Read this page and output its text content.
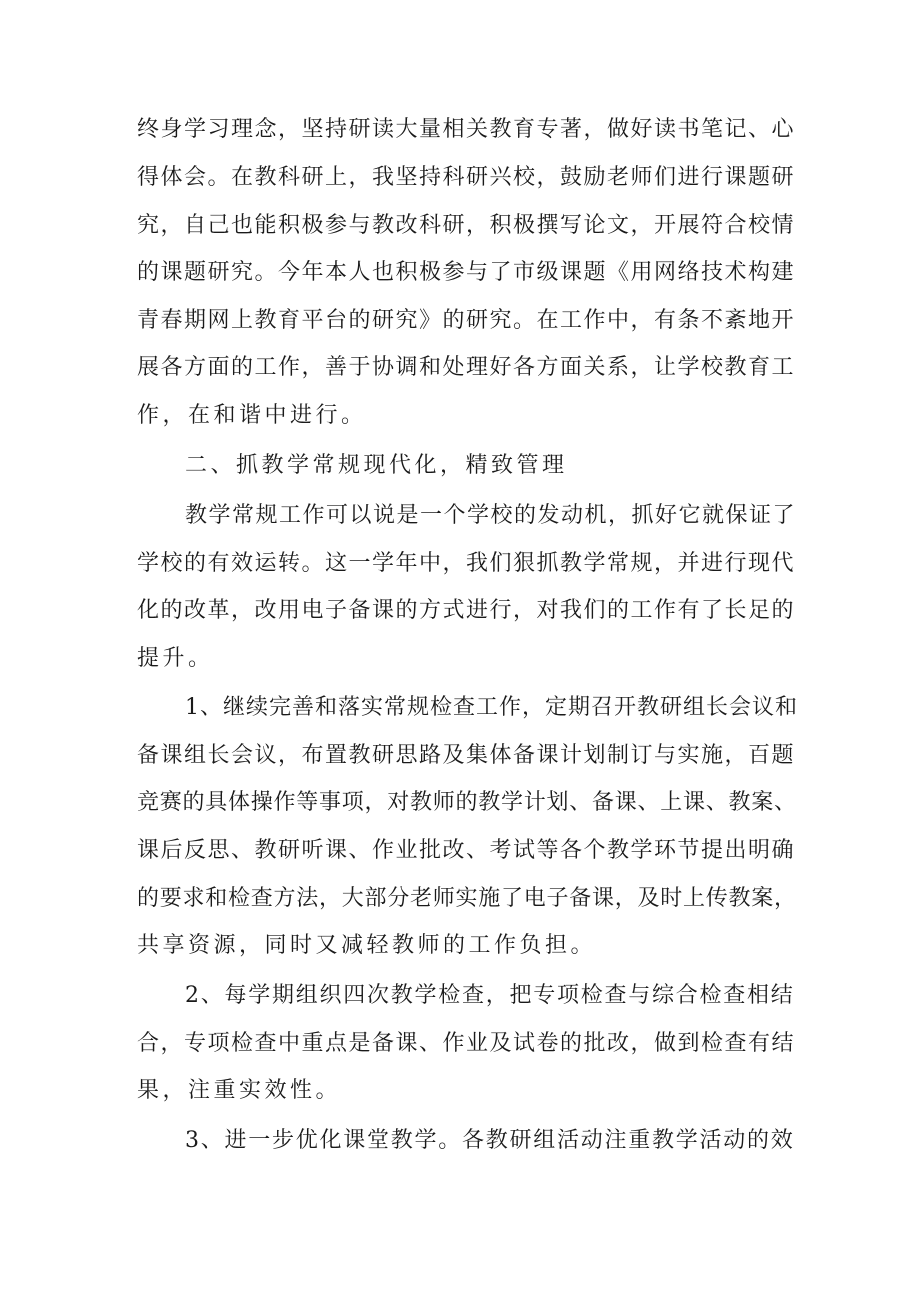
终身学习理念，坚持研读大量相关教育专著，做好读书笔记、心

得体会。在教科研上，我坚持科研兴校，鼓励老师们进行课题研

究，自己也能积极参与教改科研，积极撰写论文，开展符合校情

的课题研究。今年本人也积极参与了市级课题《用网络技术构建

青春期网上教育平台的研究》的研究。在工作中，有条不紊地开

展各方面的工作，善于协调和处理好各方面关系，让学校教育工

作，在和谐中进行。

二、抓教学常规现代化，精致管理

教学常规工作可以说是一个学校的发动机，抓好它就保证了

学校的有效运转。这一学年中，我们狠抓教学常规，并进行现代

化的改革，改用电子备课的方式进行，对我们的工作有了长足的

提升。

1、继续完善和落实常规检查工作，定期召开教研组长会议和

备课组长会议，布置教研思路及集体备课计划制订与实施，百题

竞赛的具体操作等事项，对教师的教学计划、备课、上课、教案、

课后反思、教研听课、作业批改、考试等各个教学环节提出明确

的要求和检查方法，大部分老师实施了电子备课，及时上传教案，

共享资源，同时又减轻教师的工作负担。

2、每学期组织四次教学检查，把专项检查与综合检查相结

合，专项检查中重点是备课、作业及试卷的批改，做到检查有结

果，注重实效性。

3、进一步优化课堂教学。各教研组活动注重教学活动的效
